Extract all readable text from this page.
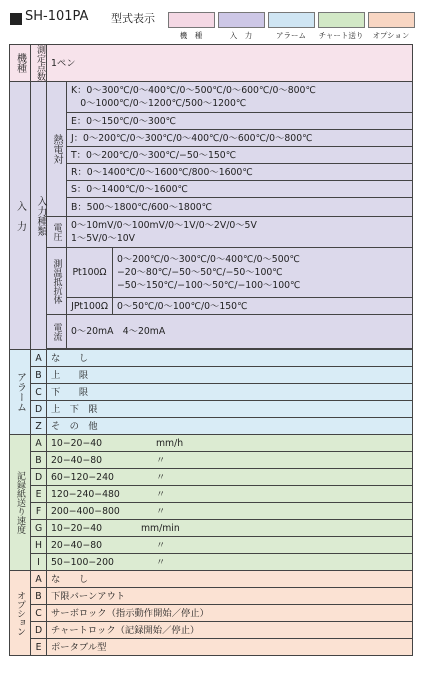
SH-101PA 型式表示
機　種	入　力	アラーム	チャート送り	オプション
機種	測定点数	1ペン		

入　力	入力種類	熱電対	K：0〜300℃/0〜400℃/0〜500℃/0〜600℃/0〜800℃
　0〜1000℃/0〜1200℃/500〜1200℃	

			E：0〜150℃/0〜300℃	
			J：0〜200℃/0〜300℃/0〜400℃/0〜600℃/0〜800℃	
			T：0〜200℃/0〜300℃/−50〜150℃	
			R：0〜1400℃/0〜1600℃/800〜1600℃	
			S：0〜1400℃/0〜1600℃	
			B：500〜1800℃/600〜1800℃	

		電圧	0〜10mV/0〜100mV/0〜1V/0〜2V/0〜5V
1〜5V/0〜10V	

		測温抵抗体	Pt100Ω	0〜200℃/0〜300℃/0〜400℃/0〜500℃
−20〜80℃/−50〜50℃/−50〜100℃
−50〜150℃/−100〜50℃/−100〜100℃

			JPt100Ω	0〜50℃/0〜100℃/0〜150℃

		電流	0〜20mA　4〜20mA	

アラーム	A	な　　し		
	B	上　　限		
	C	下　　限		
	D	上　下　限		
	Z	そ　の　他		

記録紙送り速度	A	10−20−40 mm/h		
	B	20−40−80 〃		
	D	60−120−240 〃		
	E	120−240−480 〃		
	F	200−400−800 〃		
	G	10−20−40 mm/min		
	H	20−40−80 〃		
	I	50−100−200 〃		

オプション	A	な　　し		
	B	下限バーンアウト		
	C	サーボロック（指示動作開始／停止）		
	D	チャートロック（記録開始／停止）		
	E	ポータブル型		
